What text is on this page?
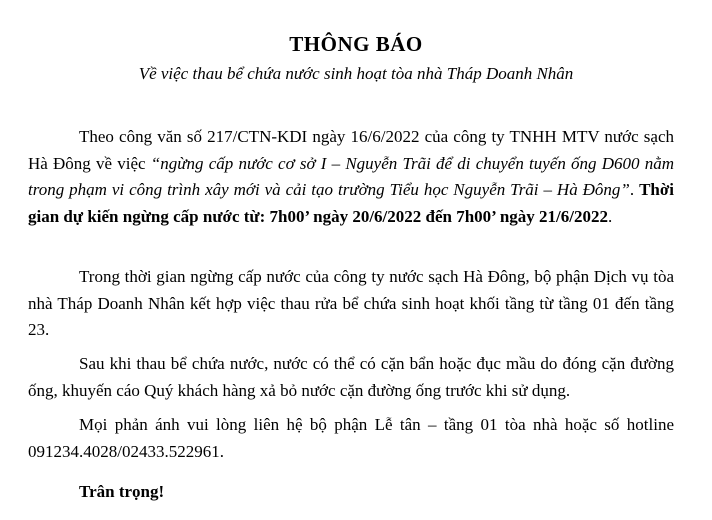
THÔNG BÁO
Về việc thau bể chứa nước sinh hoạt tòa nhà Tháp Doanh Nhân
Theo công văn số 217/CTN-KDI ngày 16/6/2022 của công ty TNHH MTV nước sạch Hà Đông về việc “ngừng cấp nước cơ sở I – Nguyễn Trãi để di chuyển tuyến ống D600 nằm trong phạm vi công trình xây mới và cải tạo trường Tiểu học Nguyễn Trãi – Hà Đông”. Thời gian dự kiến ngừng cấp nước từ: 7h00’ ngày 20/6/2022 đến 7h00’ ngày 21/6/2022.
Trong thời gian ngừng cấp nước của công ty nước sạch Hà Đông, bộ phận Dịch vụ tòa nhà Tháp Doanh Nhân kết hợp việc thau rửa bể chứa sinh hoạt khối tầng từ tầng 01 đến tầng 23.
Sau khi thau bể chứa nước, nước có thể có cặn bẩn hoặc đục mầu do đóng cặn đường ống, khuyến cáo Quý khách hàng xả bỏ nước cặn đường ống trước khi sử dụng.
Mọi phản ánh vui lòng liên hệ bộ phận Lễ tân – tầng 01 tòa nhà hoặc số hotline 091234.4028/02433.522961.
Trân trọng!
